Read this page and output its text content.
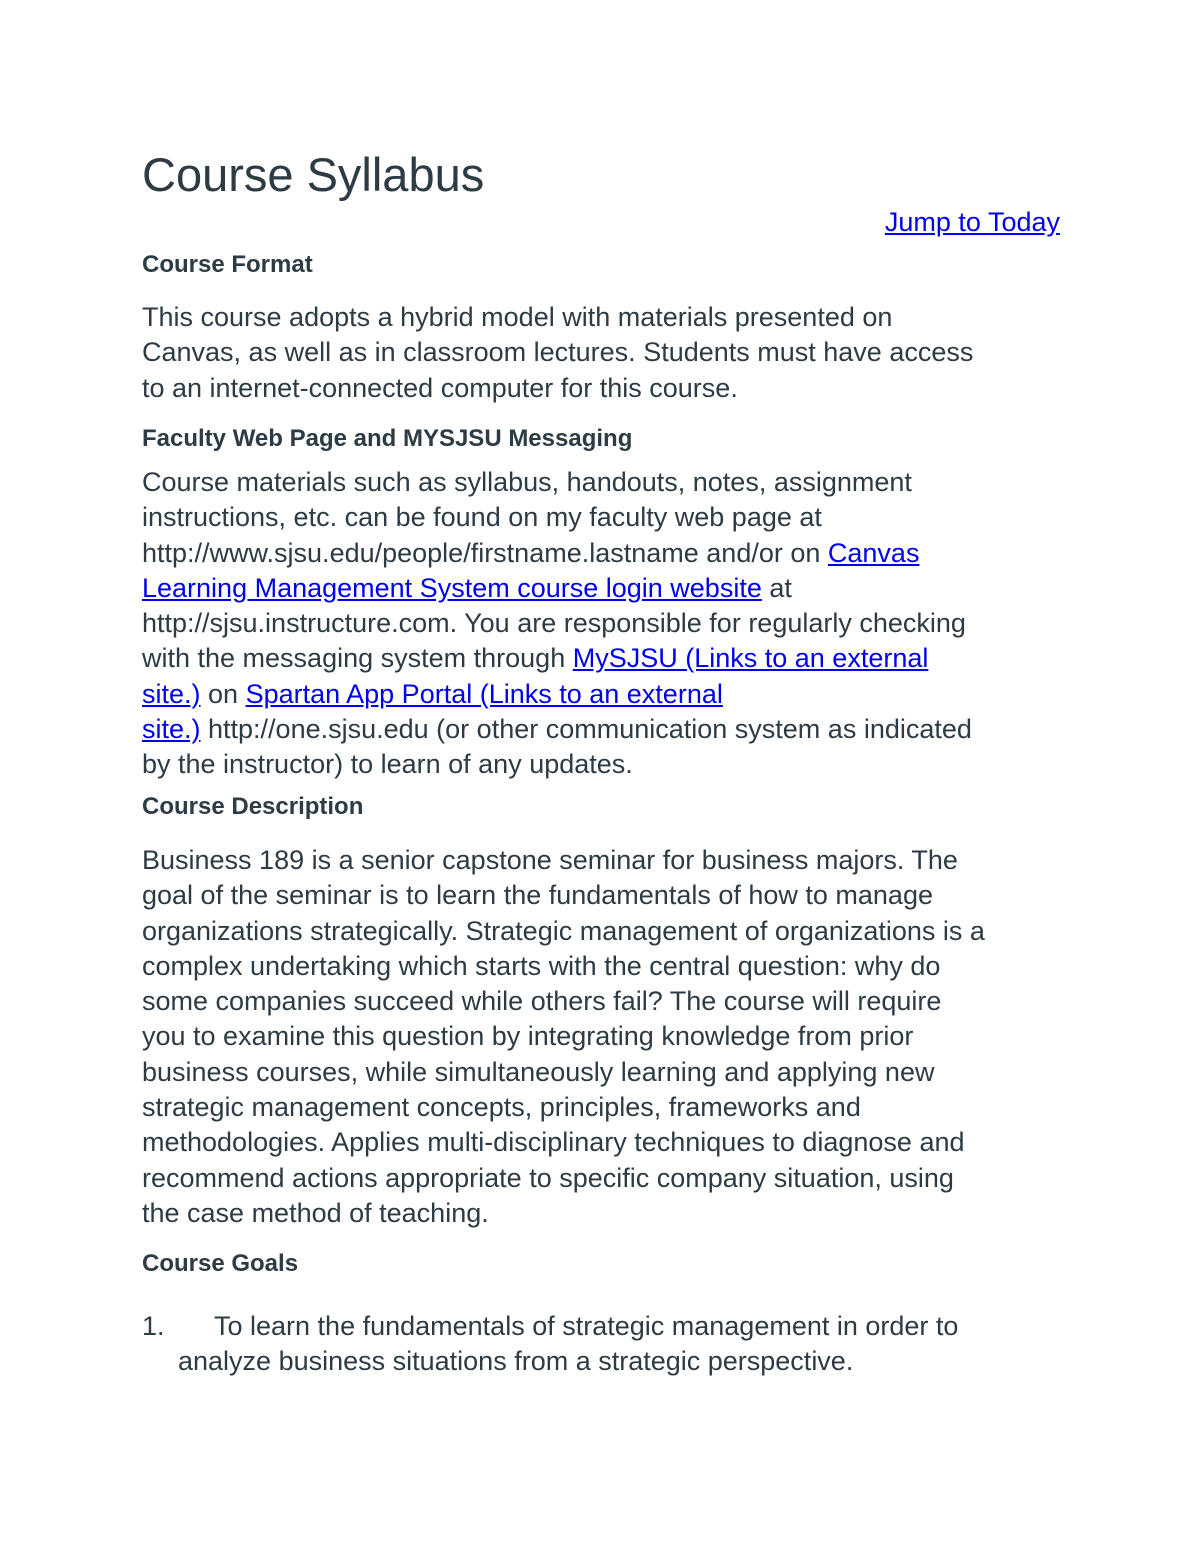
Course Syllabus
Jump to Today
Course Format

This course adopts a hybrid model with materials presented on
Canvas, as well as in classroom lectures. Students must have access
to an internet-connected computer for this course.

Faculty Web Page and MYSJSU Messaging

Course materials such as syllabus, handouts, notes, assignment
instructions, etc. can be found on my faculty web page at
http://www.sjsu.edu/people/firstname.lastname and/or on Canvas
Learning Management System course login website at
http://sjsu.instructure.com. You are responsible for regularly checking
with the messaging system through MySJSU (Links to an external
site.) on Spartan App Portal (Links to an external
site.) http://one.sjsu.edu (or other communication system as indicated
by the instructor) to learn of any updates.

Course Description

Business 189 is a senior capstone seminar for business majors. The
goal of the seminar is to learn the fundamentals of how to manage
organizations strategically. Strategic management of organizations is a
complex undertaking which starts with the central question: why do
some companies succeed while others fail? The course will require
you to examine this question by integrating knowledge from prior
business courses, while simultaneously learning and applying new
strategic management concepts, principles, frameworks and
methodologies. Applies multi-disciplinary techniques to diagnose and
recommend actions appropriate to specific company situation, using
the case method of teaching.

Course Goals
1. To learn the fundamentals of strategic management in order to
analyze business situations from a strategic perspective.
